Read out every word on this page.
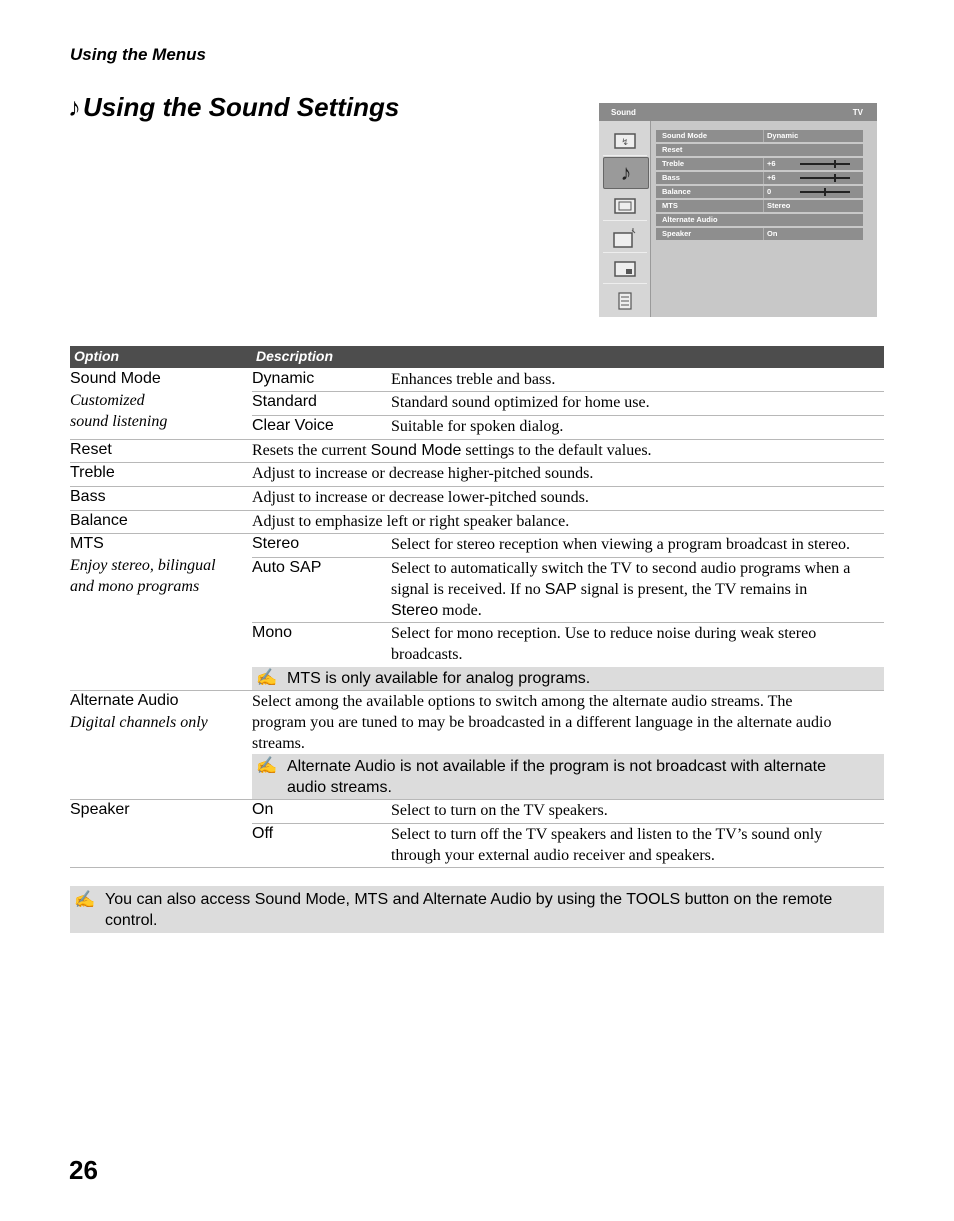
Using the Menus
♪ Using the Sound Settings	Sound	TV
↯
♪
Sound Mode	Dynamic
Reset
Treble	+6
Bass	+6
Balance	0
MTS	Stereo
Alternate Audio
Speaker	On
Option	Description
Sound Mode
Customized
sound listening
Dynamic	Enhances treble and bass.
Standard	Standard sound optimized for home use.
Clear Voice	Suitable for spoken dialog.
Reset	Resets the current Sound Mode settings to the default values.
Treble	Adjust to increase or decrease higher-pitched sounds.
Bass	Adjust to increase or decrease lower-pitched sounds.
Balance	Adjust to emphasize left or right speaker balance.
MTS
Enjoy stereo, bilingual
and mono programs
Stereo	Select for stereo reception when viewing a program broadcast in stereo.
Auto SAP	Select to automatically switch the TV to second audio programs when a
signal is received. If no SAP signal is present, the TV remains in
Stereo mode.
Mono	Select for mono reception. Use to reduce noise during weak stereo
broadcasts.
✍ MTS is only available for analog programs.
Alternate Audio
Digital channels only
Select among the available options to switch among the alternate audio streams. The
program you are tuned to may be broadcasted in a different language in the alternate audio
streams.
✍ Alternate Audio is not available if the program is not broadcast with alternate
audio streams.
Speaker	On	Select to turn on the TV speakers.
Off	Select to turn off the TV speakers and listen to the TV’s sound only
through your external audio receiver and speakers.
✍ You can also access Sound Mode, MTS and Alternate Audio by using the TOOLS button on the remote
control.
26
